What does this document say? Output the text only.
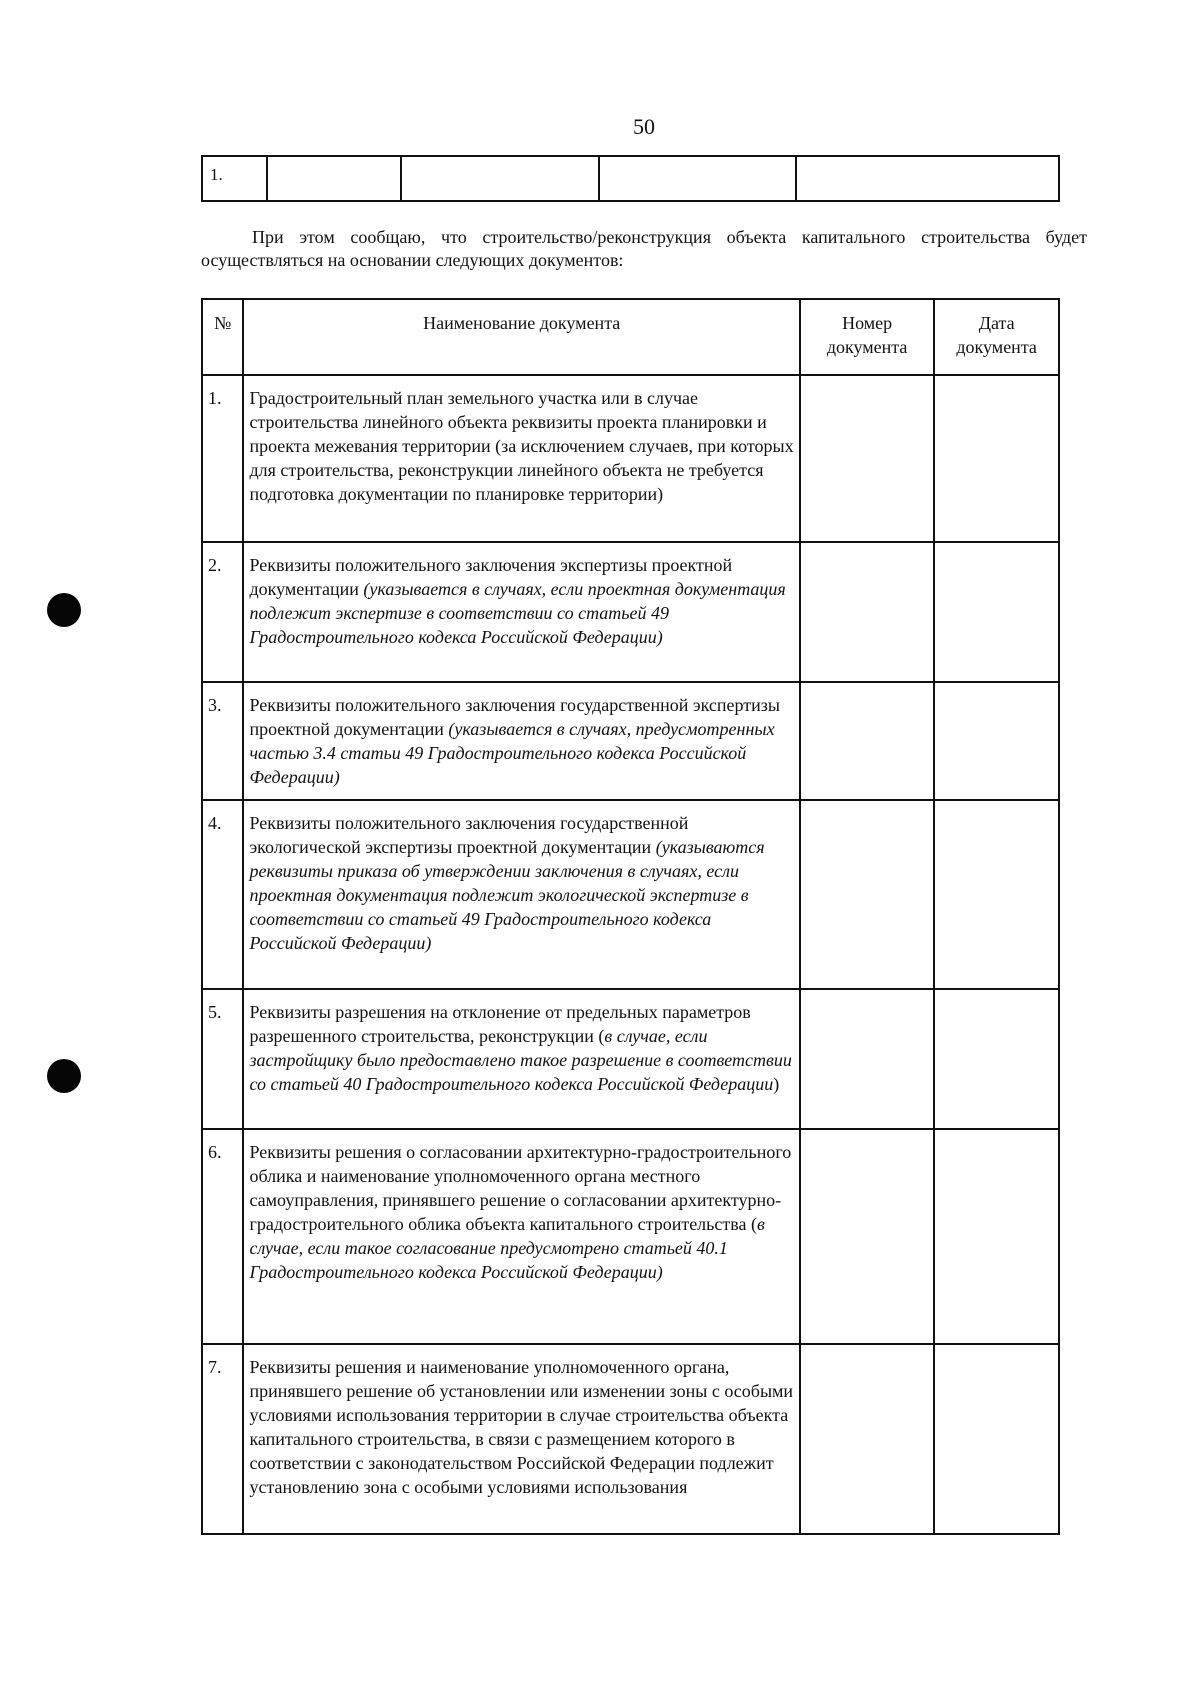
50
1.				

При этом сообщаю, что строительство/реконструкция объекта капитального строительства будет осуществляться на основании следующих документов:

№	Наименование документа	Номер документа	Дата документа
1.	Градостроительный план земельного участка или в случае строительства линейного объекта реквизиты проекта планировки и проекта межевания территории (за исключением случаев, при которых для строительства, реконструкции линейного объекта не требуется подготовка документации по планировке территории)		
2.	Реквизиты положительного заключения экспертизы проектной документации (указывается в случаях, если проектная документация подлежит экспертизе в соответствии со статьей 49 Градостроительного кодекса Российской Федерации)		
3.	Реквизиты положительного заключения государственной экспертизы проектной документации (указывается в случаях, предусмотренных частью 3.4 статьи 49 Градостроительного кодекса Российской Федерации)		
4.	Реквизиты положительного заключения государственной экологической экспертизы проектной документации (указываются реквизиты приказа об утверждении заключения в случаях, если проектная документация подлежит экологической экспертизе в соответствии со статьей 49 Градостроительного кодекса Российской Федерации)		
5.	Реквизиты разрешения на отклонение от предельных параметров разрешенного строительства, реконструкции (в случае, если застройщику было предоставлено такое разрешение в соответствии со статьей 40 Градостроительного кодекса Российской Федерации)		
6.	Реквизиты решения о согласовании архитектурно-градостроительного облика и наименование уполномоченного органа местного самоуправления, принявшего решение о согласовании архитектурно-градостроительного облика объекта капитального строительства (в случае, если такое согласование предусмотрено статьей 40.1 Градостроительного кодекса Российской Федерации)		
7.	Реквизиты решения и наименование уполномоченного органа, принявшего решение об установлении или изменении зоны с особыми условиями использования территории в случае строительства объекта капитального строительства, в связи с размещением которого в соответствии с законодательством Российской Федерации подлежит установлению зона с особыми условиями использования		
